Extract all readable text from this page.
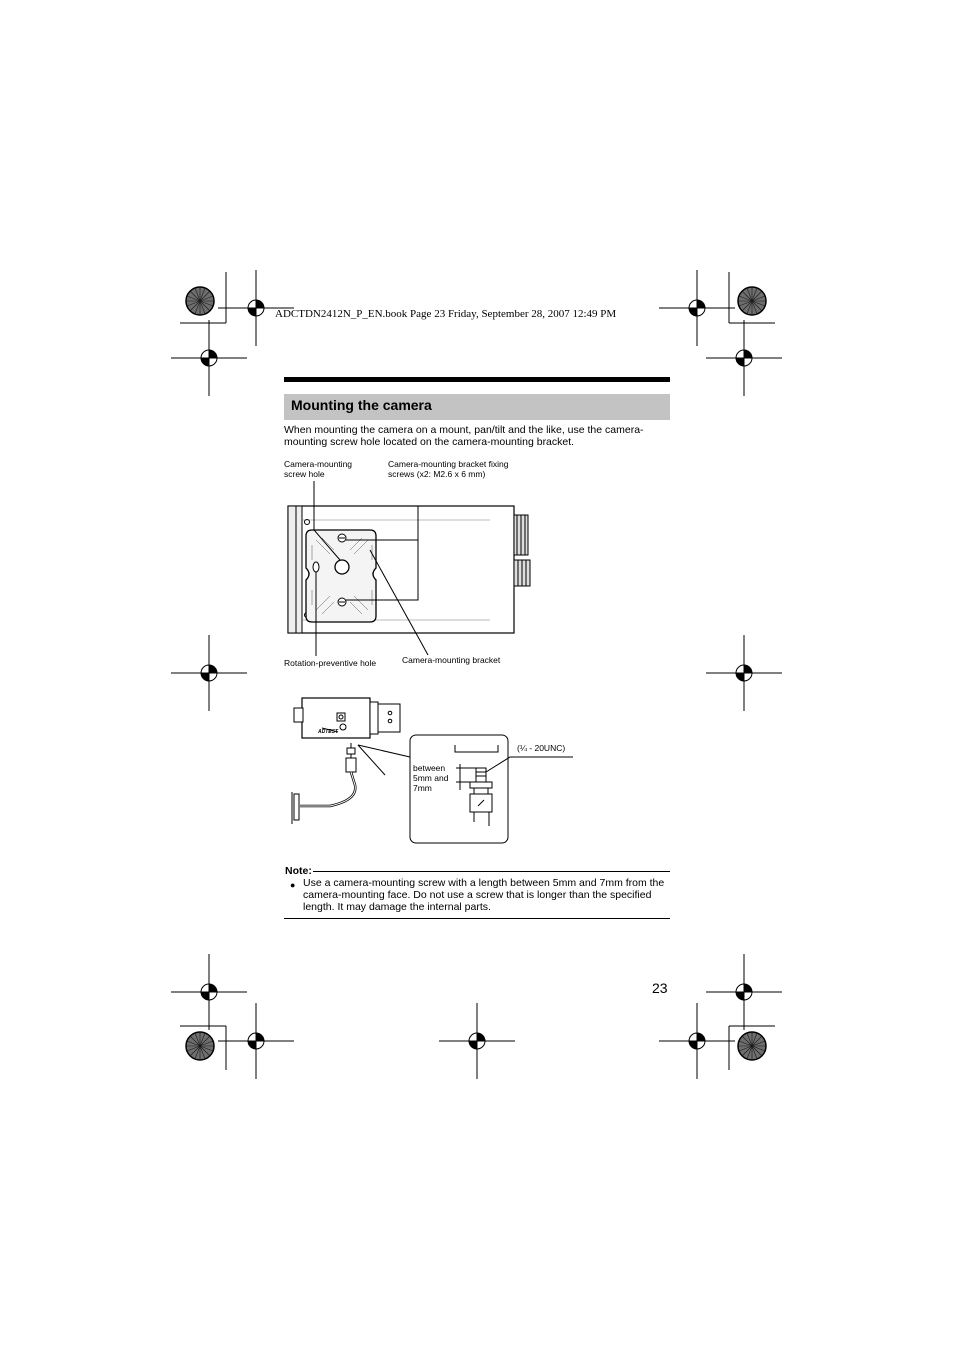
ADCTDN2412N_P_EN.book Page 23 Friday, September 28, 2007 12:49 PM
Mounting the camera
When mounting the camera on a mount, pan/tilt and the like, use the camera-mounting screw hole located on the camera-mounting bracket.
Camera-mounting
screw hole
Camera-mounting bracket fixing
screws (x2: M2.6 x 6 mm)
Rotation-preventive hole	Camera-mounting bracket
ADTEST
(¼ - 20UNC)
between
5mm and
7mm
Note:
● Use a camera-mounting screw with a length between 5mm and 7mm from the camera-mounting face. Do not use a screw that is longer than the specified length. It may damage the internal parts.
23
